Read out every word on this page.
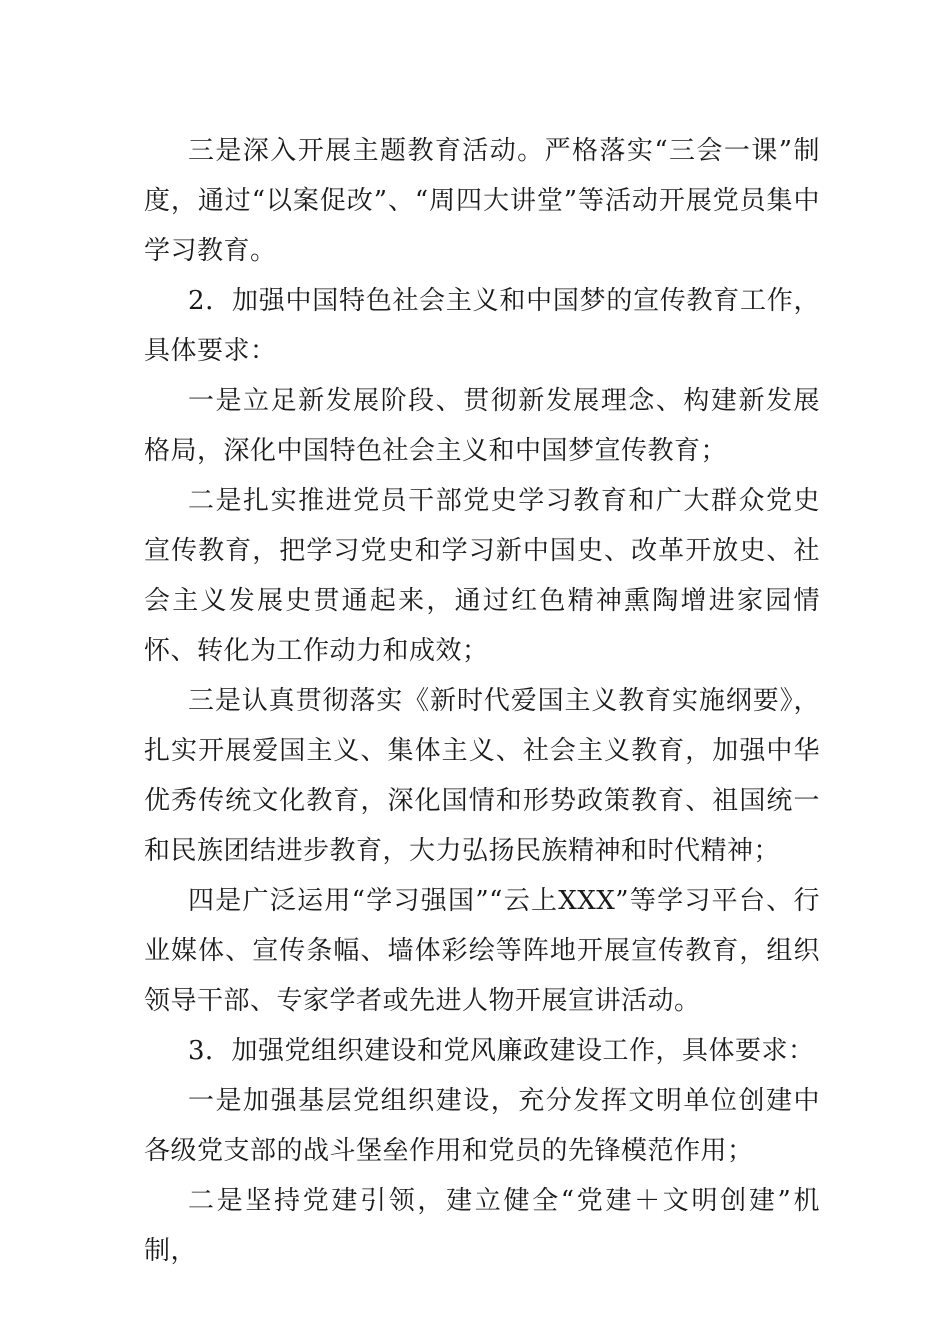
三是深入开展主题教育活动。严格落实“三会一课”制度，通过“以案促改”、“周四大讲堂”等活动开展党员集中学习教育。

2．加强中国特色社会主义和中国梦的宣传教育工作，具体要求：

一是立足新发展阶段、贯彻新发展理念、构建新发展格局，深化中国特色社会主义和中国梦宣传教育；

二是扎实推进党员干部党史学习教育和广大群众党史宣传教育，把学习党史和学习新中国史、改革开放史、社会主义发展史贯通起来，通过红色精神熏陶增进家园情怀、转化为工作动力和成效；

三是认真贯彻落实《新时代爱国主义教育实施纲要》，扎实开展爱国主义、集体主义、社会主义教育，加强中华优秀传统文化教育，深化国情和形势政策教育、祖国统一和民族团结进步教育，大力弘扬民族精神和时代精神；

四是广泛运用“学习强国”“云上XXX”等学习平台、行业媒体、宣传条幅、墙体彩绘等阵地开展宣传教育，组织领导干部、专家学者或先进人物开展宣讲活动。

3．加强党组织建设和党风廉政建设工作，具体要求：

一是加强基层党组织建设，充分发挥文明单位创建中各级党支部的战斗堡垒作用和党员的先锋模范作用；

二是坚持党建引领，建立健全“党建＋文明创建”机制，
